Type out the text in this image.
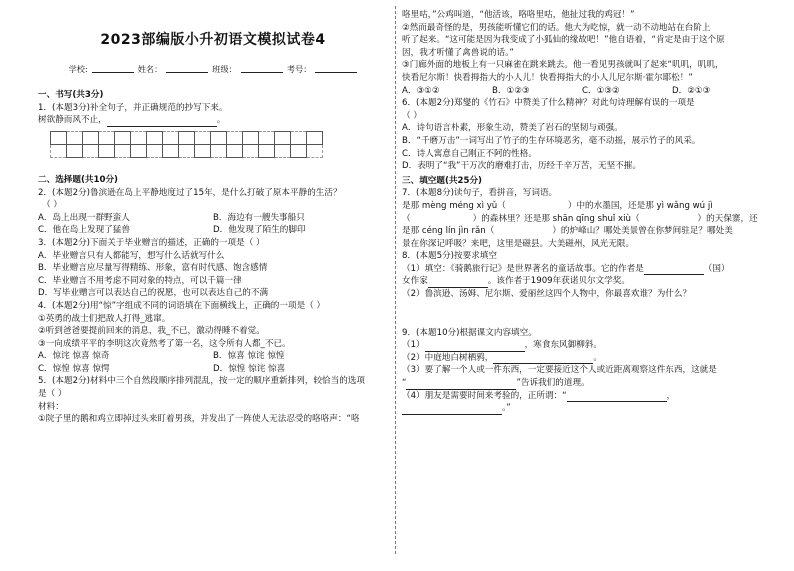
2023部编版小升初语文模拟试卷4
学校:	姓名：	班级：	考号：
一、书写(共3分)

1．(本题3分)补全句子，并正确规范的抄写下来。

树欲静而风不止，	。

二、选择题(共10分)

2．(本题2分)鲁滨逊在岛上平静地度过了15年，是什么打破了原本平静的生活？

（ ）

A．岛上出现一群野蛮人	B．海边有一艘失事船只
C．他在岛上发现了猛兽	D．他发现了陌生的脚印

3．(本题2分)下面关于毕业赠言的描述，正确的一项是（ ）

A．毕业赠言只有人都能写，想写什么话就写什么

B．毕业赠言应尽量写得精练、形象，富有时代感、饱含感情

C．毕业赠言不用考虑不同对象的特点，可以千篇一律

D．写毕业赠言可以表达自己的祝愿，也可以表达自己的不满

4．(本题2分)用“惊”字组成不同的词语填在下面横线上，正确的一项是（ ）

①英勇的战士们把敌人打得_逃窜。

②听到爸爸要提前回来的消息，我_不已，激动得睡不着觉。

③一向成绩平平的李明这次竟然考了第一名，这令所有人都_不已。

A．惊诧 惊喜 惊奇	B．惊喜 惊诧 惊惶
C．惊惶 惊喜 惊愕	D．惊惶 惊诧 惊喜

5．(本题2分)材料中三个自然段顺序排列混乱，按一定的顺序重新排列，较恰当的选项

是（ ）

材料：

①院子里的鹅和鸡立即掉过头来盯着男孩，并发出了一阵使人无法忍受的咯咯声：“咯

咯里咕，”公鸡叫道，“他活该，咯咯里咕，他扯过我的鸡冠！”

②然而最奇怪的是，男孩能听懂它们的话。他大为吃惊，就一动不动地站在台阶上

听了起来。“这可能是因为我变成了小狐仙的缘故吧！”他自语着，“肯定是由于这个原

因，我才听懂了禽兽说的话。”

③门廊外面的地板上有一只麻雀在跳来跳去。他一看见男孩就叫了起来“叽叽，叽叽，

快看尼尔斯！快看拇指大的小人儿！快看拇指大的小人儿尼尔斯·霍尔耶松！”

A．③①②	B．①②③	C．①③②	D．②①③

6．(本题2分)郑燮的《竹石》中赞美了什么精神？对此句诗理解有误的一项是

（ ）

A．诗句语言朴素，形象生动，赞美了岩石的坚韧与顽强。

B．“千磨万击”一词写出了竹子的生存环境恶劣，毫不动摇，展示竹子的风采。

C．诗人寓意自己刚正不阿的性格。

D．表明了“我”干万次的磨难打击，历经千辛万苦，无坚不摧。

三、填空题(共25分)

7．(本题8分)读句子，看拼音，写词语。

是那 mèng méng xì yǔ（	）中的水墨国，还是那 yì wǎng wú jì

（	）的森林里？还是那 shān qīng shuǐ xiù（	）的天保寨，还

是那 céng lín jìn rǎn（	）的炉峰山？哪处美景曾在你梦间驻足？哪处美

景在你深记呼吸？来吧，这里是磁县。大美磁州，风光无限。

8．(本题5分)按要求填空

（1）填空：《骑鹅旅行记》是世界著名的童话故事。它的作者是	（国）

女作家	。该作者于1909年获诺贝尔文学奖。

（2）鲁滨逊、汤姆、尼尔斯、爱丽丝这四个人物中，你最喜欢谁？为什么？

9．(本题10分)根据课文内容填空。

（1）	，寒食东风御柳斜。

（2）中庭地白树栖鸦，	。

（3）要了解一个人或一件东西，一定要接近这个人或近距离观察这件东西，这就是

“	”告诉我们的道理。

（4）朋友是需要时间来考验的，正所谓：“	，

。”
